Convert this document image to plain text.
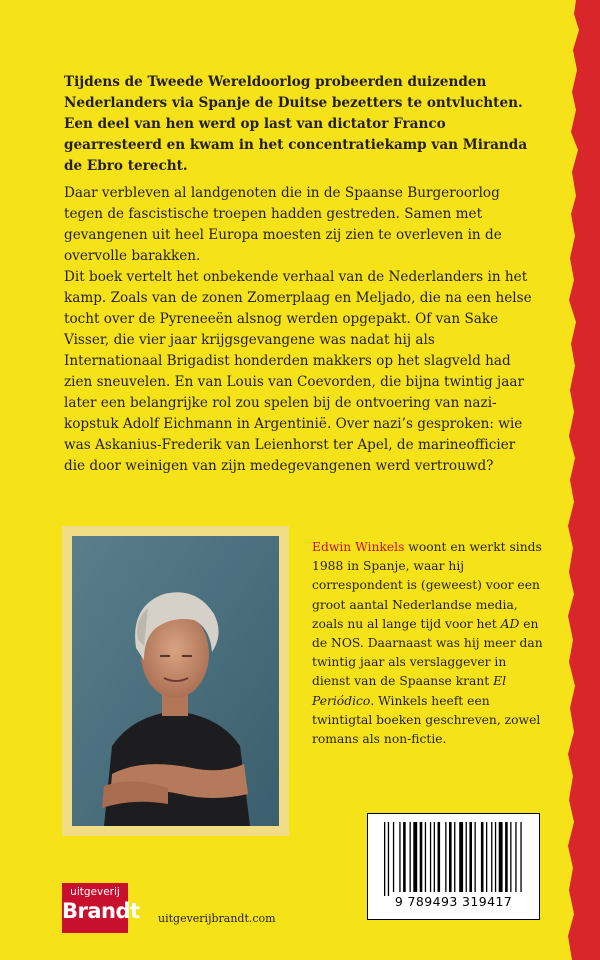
Tijdens de Tweede Wereldoorlog probeerden duizenden Nederlanders via Spanje de Duitse bezetters te ontvluchten. Een deel van hen werd op last van dictator Franco gearresteerd en kwam in het concentratiekamp van Miranda de Ebro terecht.

Daar verbleven al landgenoten die in de Spaanse Burgeroorlog tegen de fascistische troepen hadden gestreden. Samen met gevangenen uit heel Europa moesten zij zien te overleven in de overvolle barakken.

Dit boek vertelt het onbekende verhaal van de Nederlanders in het kamp. Zoals van de zonen Zomerplaag en Meljado, die na een helse tocht over de Pyreneeën alsnog werden opgepakt. Of van Sake Visser, die vier jaar krijgsgevangene was nadat hij als Internationaal Brigadist honderden makkers op het slagveld had zien sneuvelen. En van Louis van Coevorden, die bijna twintig jaar later een belangrijke rol zou spelen bij de ontvoering van nazi-kopstuk Adolf Eichmann in Argentinië. Over nazi’s gesproken: wie was Askanius-Frederik van Leienhorst ter Apel, de marineofficier die door weinigen van zijn medegevangenen werd vertrouwd?

Edwin Winkels woont en werkt sinds 1988 in Spanje, waar hij correspondent is (geweest) voor een groot aantal Nederlandse media, zoals nu al lange tijd voor het AD en de NOS. Daarnaast was hij meer dan twintig jaar als verslaggever in dienst van de Spaanse krant El Periódico. Winkels heeft een twintigtal boeken geschreven, zowel romans als non-fictie.

9 789493 319417
uitgeverij
Brandt uitgeverijbrandt.com
